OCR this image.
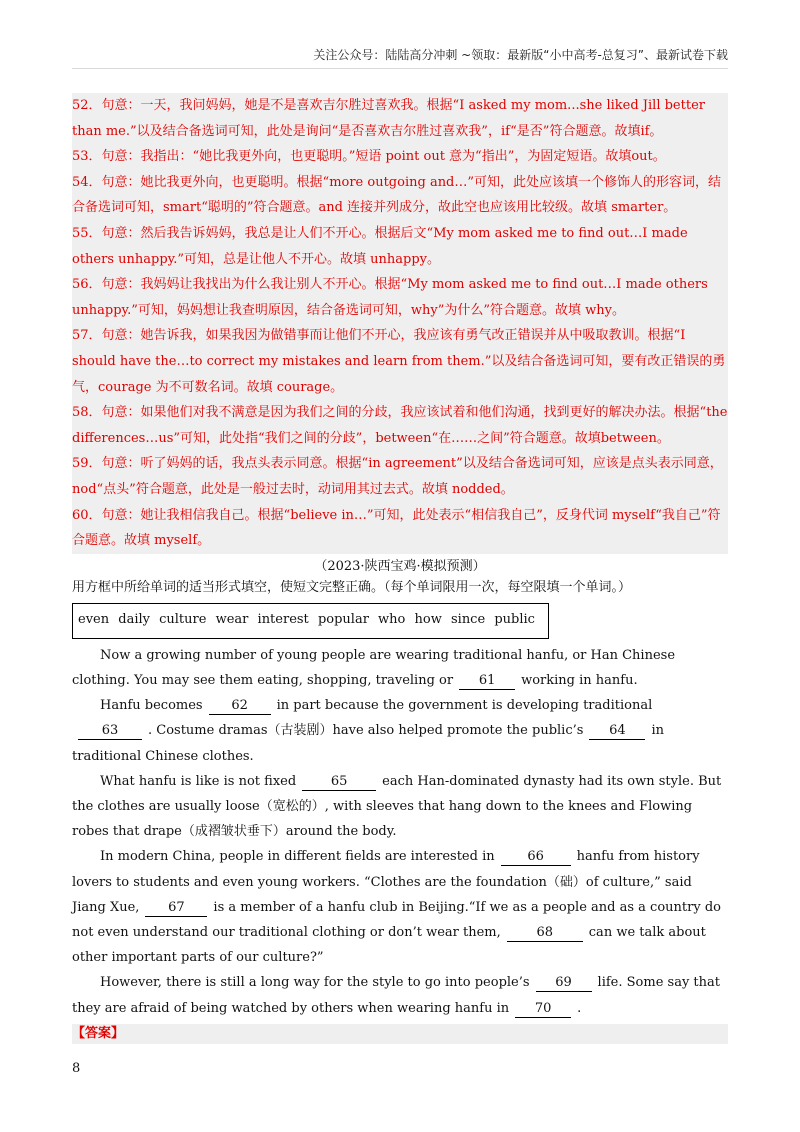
关注公众号：陆陆高分冲刺 ~领取：最新版“小中高考-总复习”、最新试卷下载

52．句意：一天，我问妈妈，她是不是喜欢吉尔胜过喜欢我。根据“I asked my mom...she liked Jill better than me.”以及结合备选词可知，此处是询问“是否喜欢吉尔胜过喜欢我”，if“是否”符合题意。故填if。

53．句意：我指出：“她比我更外向，也更聪明。”短语 point out 意为“指出”，为固定短语。故填out。

54．句意：她比我更外向，也更聪明。根据“more outgoing and…”可知，此处应该填一个修饰人的形容词，结合备选词可知，smart“聪明的”符合题意。and 连接并列成分，故此空也应该用比较级。故填 smarter。

55．句意：然后我告诉妈妈，我总是让人们不开心。根据后文“My mom asked me to find out…I made others unhappy.”可知，总是让他人不开心。故填 unhappy。

56．句意：我妈妈让我找出为什么我让别人不开心。根据“My mom asked me to find out…I made others unhappy.”可知，妈妈想让我查明原因，结合备选词可知，why”为什么”符合题意。故填 why。

57．句意：她告诉我，如果我因为做错事而让他们不开心，我应该有勇气改正错误并从中吸取教训。根据“I should have the…to correct my mistakes and learn from them.”以及结合备选词可知，要有改正错误的勇气，courage 为不可数名词。故填 courage。

58．句意：如果他们对我不满意是因为我们之间的分歧，我应该试着和他们沟通，找到更好的解决办法。根据“the differences…us”可知，此处指“我们之间的分歧”，between“在……之间”符合题意。故填between。

59．句意：听了妈妈的话，我点头表示同意。根据“in agreement”以及结合备选词可知，应该是点头表示同意，nod“点头”符合题意，此处是一般过去时，动词用其过去式。故填 nodded。

60．句意：她让我相信我自己。根据“believe in…”可知，此处表示“相信我自己”，反身代词 myself“我自己”符合题意。故填 myself。

（2023·陕西宝鸡·模拟预测）
用方框中所给单词的适当形式填空，使短文完整正确。（每个单词限用一次，每空限填一个单词。）
even daily culture wear interest popular who how since public

Now a growing number of young people are wearing traditional hanfu, or Han Chinese clothing. You may see them eating, shopping, traveling or 61 working in hanfu.

Hanfu becomes 62 in part because the government is developing traditional63 . Costume dramas（古装剧）have also helped promote the public’s 64 in traditional Chinese clothes.

What hanfu is like is not fixed	65	each Han-dominated dynasty had its own style. But the clothes are usually loose（宽松的）, with sleeves that hang down to the knees and Flowing robes that drape（成褶皱状垂下）around the body.

In modern China, people in different fields are interested in	66	hanfu from history lovers to students and even young workers. “Clothes are the foundation（础）of culture,” said Jiang Xue, 67 is a member of a hanfu club in Beijing.“If we as a people and as a country do not even understand our traditional clothing or don’t wear them,	68	can we talk about other important parts of our culture?”

However, there is still a long way for the style to go into people’s 69 life. Some say that they are afraid of being watched by others when wearing hanfu in 70 .

【答案】
8
